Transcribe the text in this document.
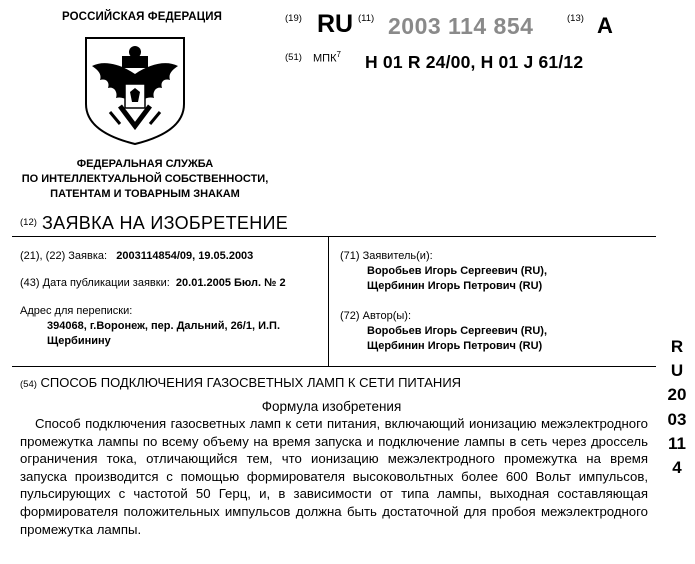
РОССИЙСКАЯ ФЕДЕРАЦИЯ
ФЕДЕРАЛЬНАЯ СЛУЖБА
ПО ИНТЕЛЛЕКТУАЛЬНОЙ СОБСТВЕННОСТИ,
ПАТЕНТАМ И ТОВАРНЫМ ЗНАКАМ
(19) RU (11) 2003 114 854	(13) A
(51) МПК$^7$ H 01 R 24/00, H 01 J 61/12
(12) ЗАЯВКА НА ИЗОБРЕТЕНИЕ
(21), (22) Заявка: 2003114854/09, 19.05.2003
(43) Дата публикации заявки: 20.01.2005 Бюл. № 2
Адрес для переписки:
394068, г.Воронеж, пер. Дальний, 26/1, И.П.
Щербинину
(71) Заявитель(и):
Воробьев Игорь Сергеевич (RU),
Щербинин Игорь Петрович (RU)
(72) Автор(ы):
Воробьев Игорь Сергеевич (RU),
Щербинин Игорь Петрович (RU)
(54) СПОСОБ ПОДКЛЮЧЕНИЯ ГАЗОСВЕТНЫХ ЛАМП К СЕТИ ПИТАНИЯ
Формула изобретения
Способ подключения газосветных ламп к сети питания, включающий ионизацию межэлектродного промежутка лампы по всему объему на время запуска и подключение лампы в сеть через дроссель ограничения тока, отличающийся тем, что ионизацию межэлектродного промежутка на время запуска производится с помощью формирователя высоковольтных более 600 Вольт импульсов, пульсирующих с частотой 50 Герц, и, в зависимости от типа лампы, выходная составляющая формирователя положительных импульсов должна быть достаточной для пробоя межэлектродного промежутка лампы.
RU 2003114
